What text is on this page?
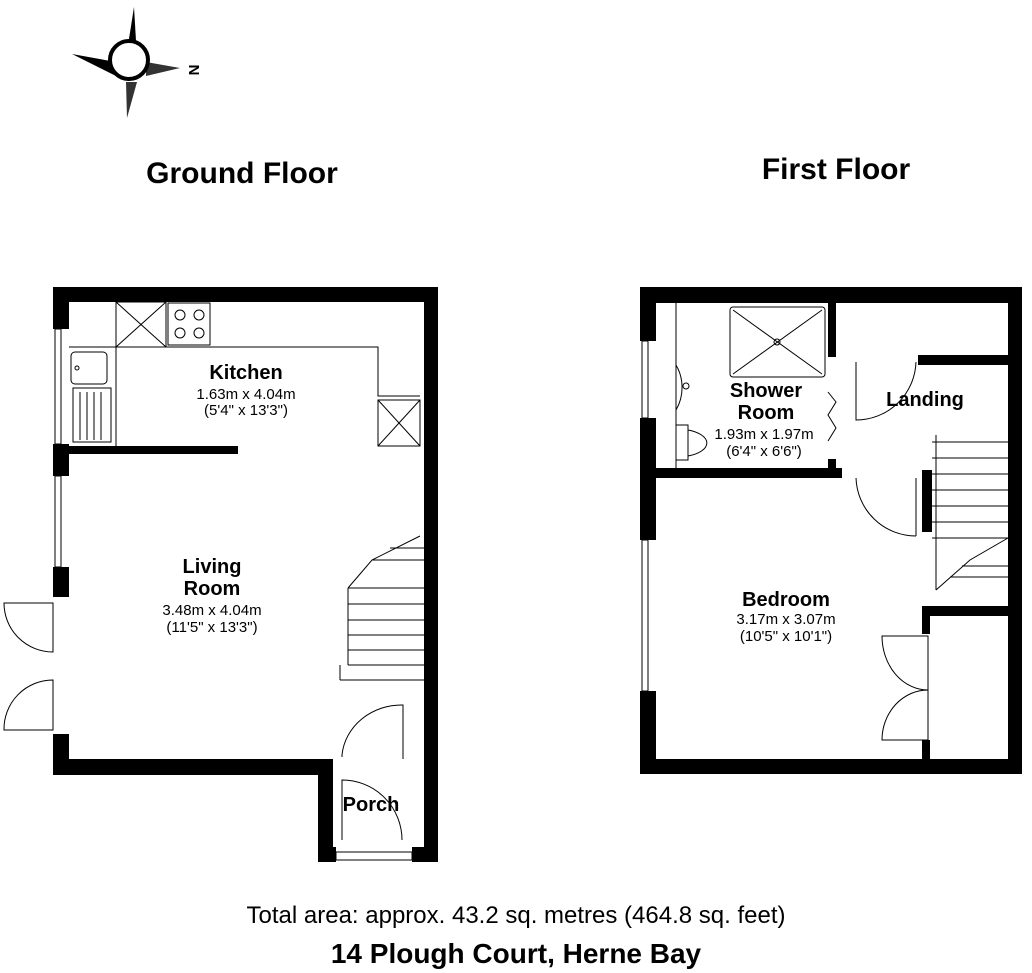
N
Ground Floor	First Floor
Kitchen
1.63m x 4.04m
(5'4" x 13'3")
Living
Room
3.48m x 4.04m
(11'5" x 13'3")
Porch
Shower
Room
1.93m x 1.97m
(6'4" x 6'6")
Landing
Bedroom
3.17m x 3.07m
(10'5" x 10'1")
Total area: approx. 43.2 sq. metres (464.8 sq. feet)
14 Plough Court, Herne Bay
